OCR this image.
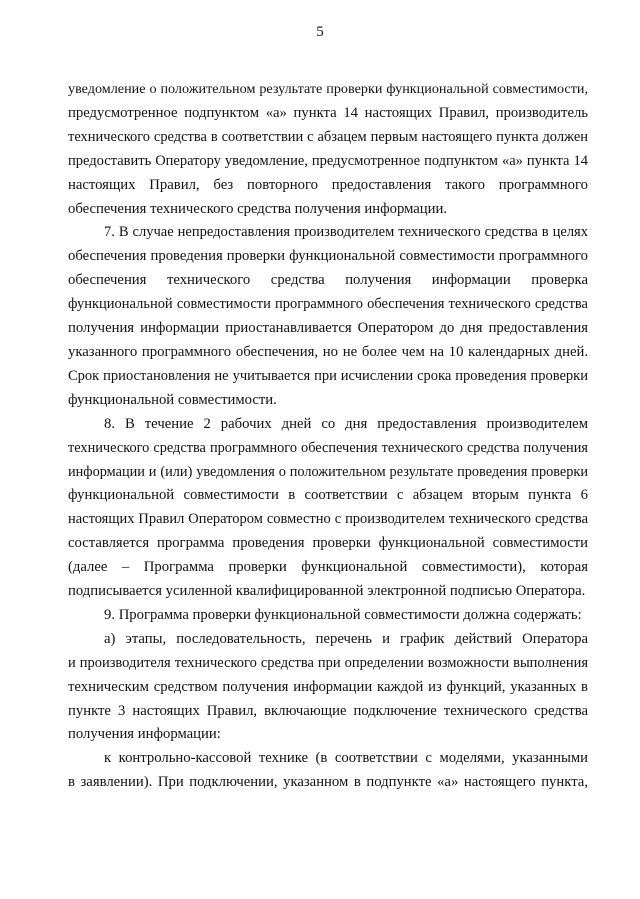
5
уведомление о положительном результате проверки функциональной совместимости,
предусмотренное подпунктом «а» пункта 14 настоящих Правил, производитель
технического средства в соответствии с абзацем первым настоящего пункта должен
предоставить Оператору уведомление, предусмотренное подпунктом «а» пункта 14
настоящих Правил, без повторного предоставления такого программного
обеспечения технического средства получения информации.
7. В случае непредоставления производителем технического средства в целях
обеспечения проведения проверки функциональной совместимости программного
обеспечения технического средства получения информации проверка
функциональной совместимости программного обеспечения технического средства
получения информации приостанавливается Оператором до дня предоставления
указанного программного обеспечения, но не более чем на 10 календарных дней.
Срок приостановления не учитывается при исчислении срока проведения проверки
функциональной совместимости.
8. В течение 2 рабочих дней со дня предоставления производителем
технического средства программного обеспечения технического средства получения
информации и (или) уведомления о положительном результате проведения проверки
функциональной совместимости в соответствии с абзацем вторым пункта 6
настоящих Правил Оператором совместно с производителем технического средства
составляется программа проведения проверки функциональной совместимости
(далее – Программа проверки функциональной совместимости), которая
подписывается усиленной квалифицированной электронной подписью Оператора.
9. Программа проверки функциональной совместимости должна содержать:
а) этапы, последовательность, перечень и график действий Оператора
и производителя технического средства при определении возможности выполнения
техническим средством получения информации каждой из функций, указанных в
пункте 3 настоящих Правил, включающие подключение технического средства
получения информации:
к контрольно-кассовой технике (в соответствии с моделями, указанными
в заявлении). При подключении, указанном в подпункте «а» настоящего пункта,
